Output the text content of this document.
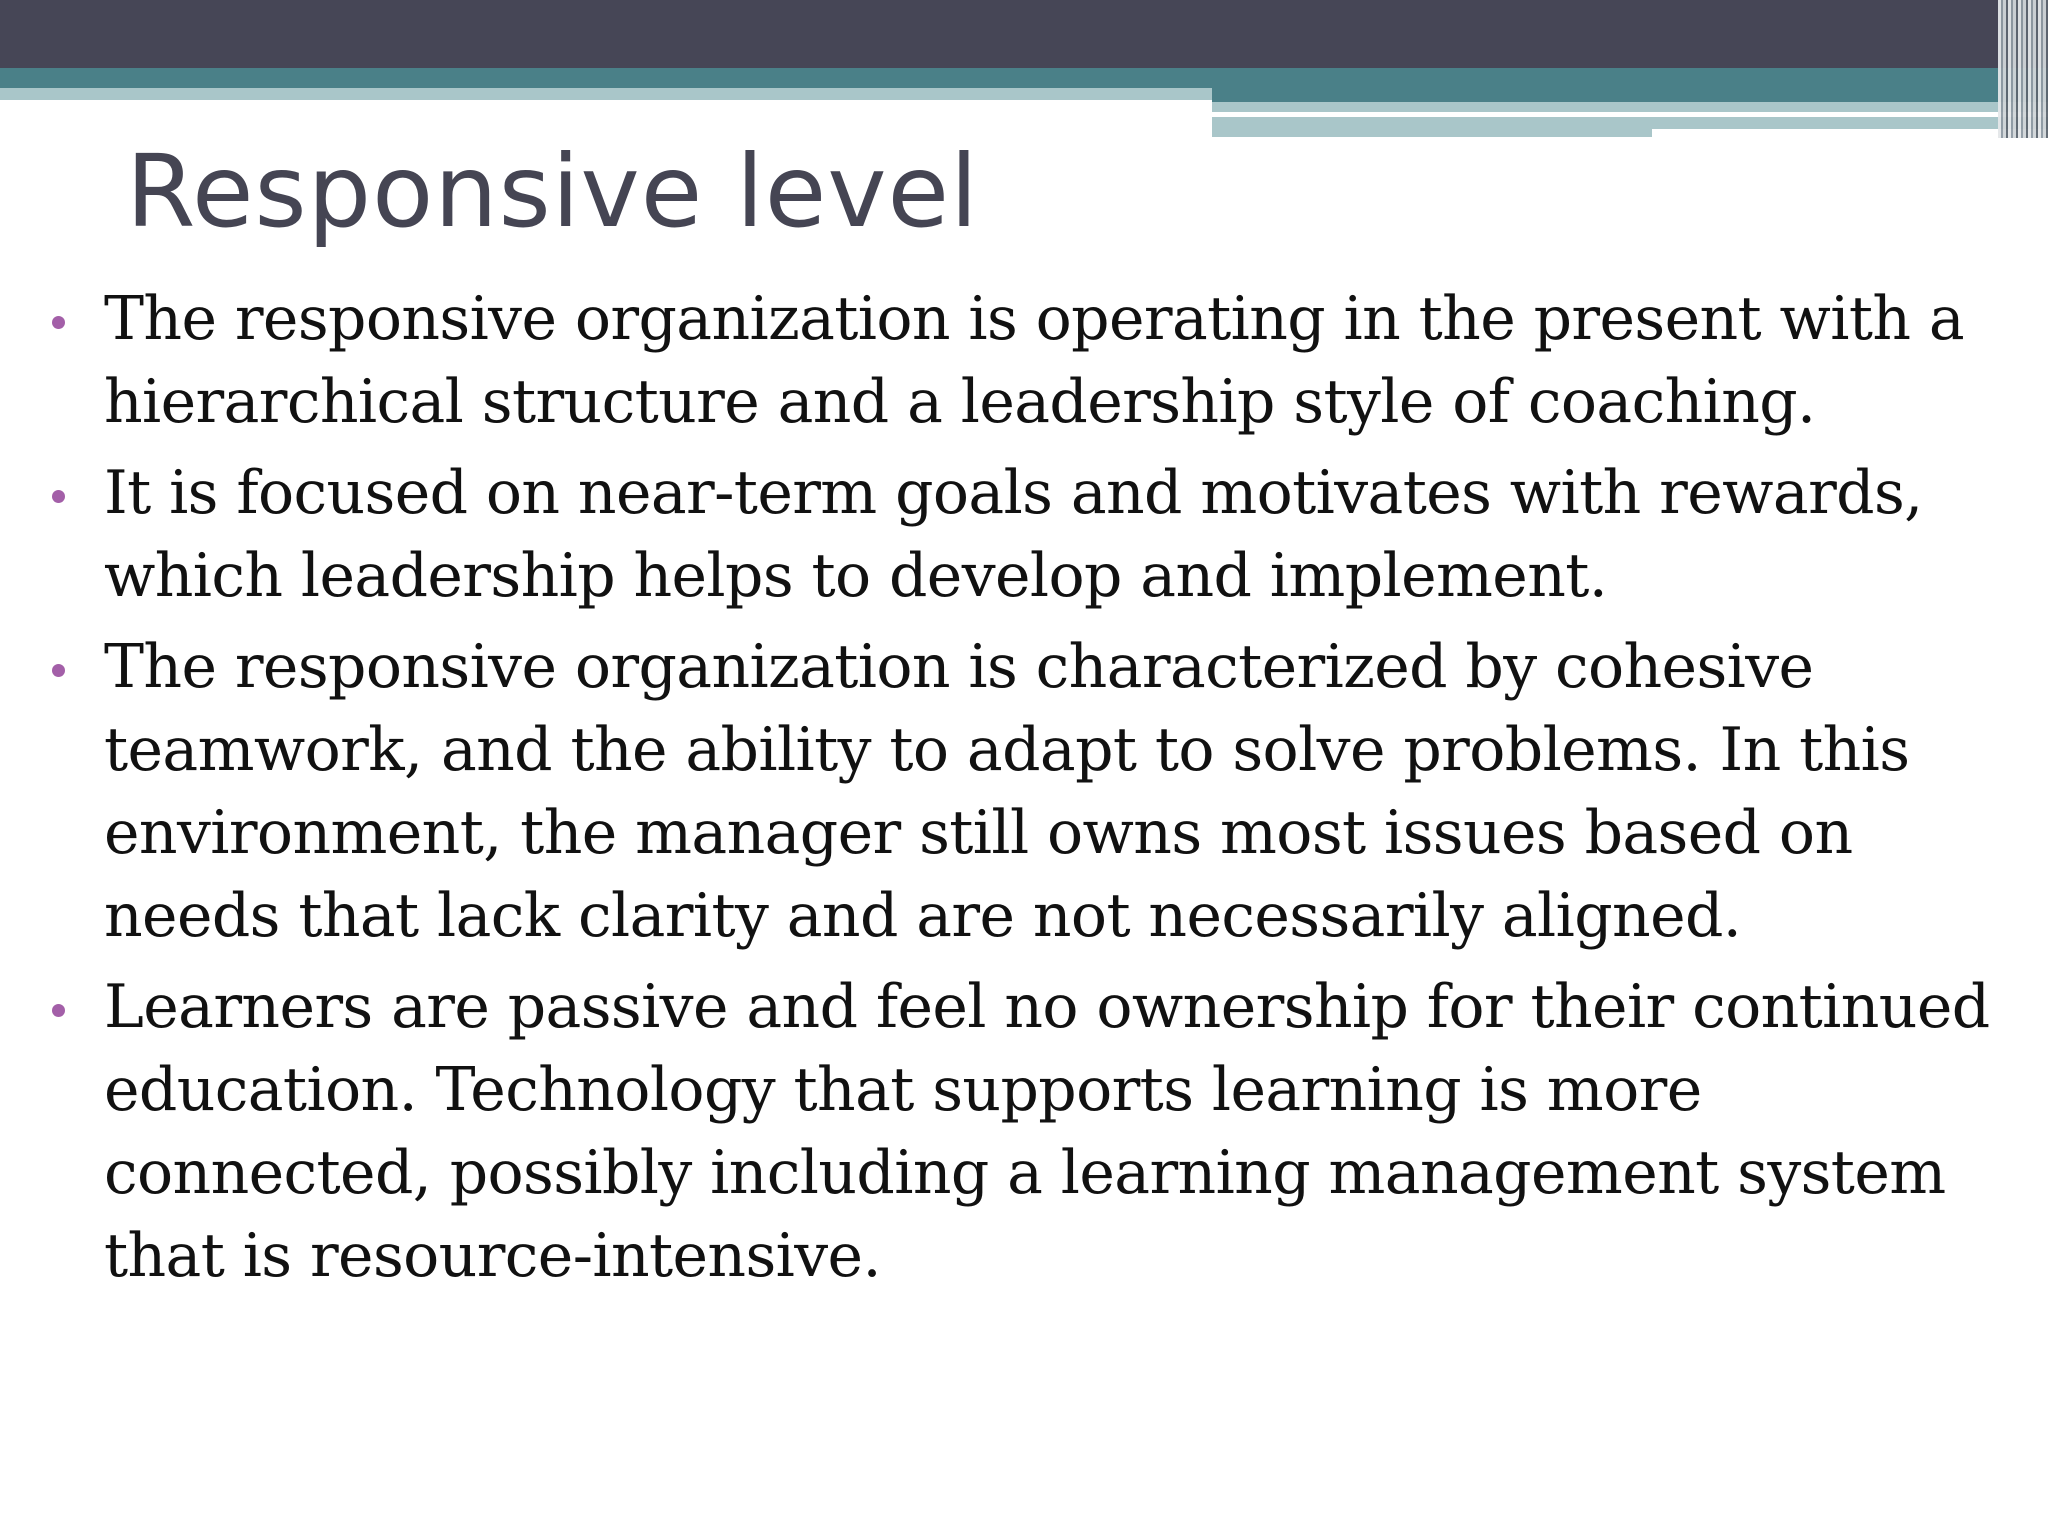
Responsive level
The responsive organization is operating in the present with a hierarchical structure and a leadership style of coaching.
It is focused on near-term goals and motivates with rewards, which leadership helps to develop and implement.
The responsive organization is characterized by cohesive teamwork, and the ability to adapt to solve problems. In this environment, the manager still owns most issues based on needs that lack clarity and are not necessarily aligned.
Learners are passive and feel no ownership for their continued education. Technology that supports learning is more connected, possibly including a learning management system that is resource-intensive.
